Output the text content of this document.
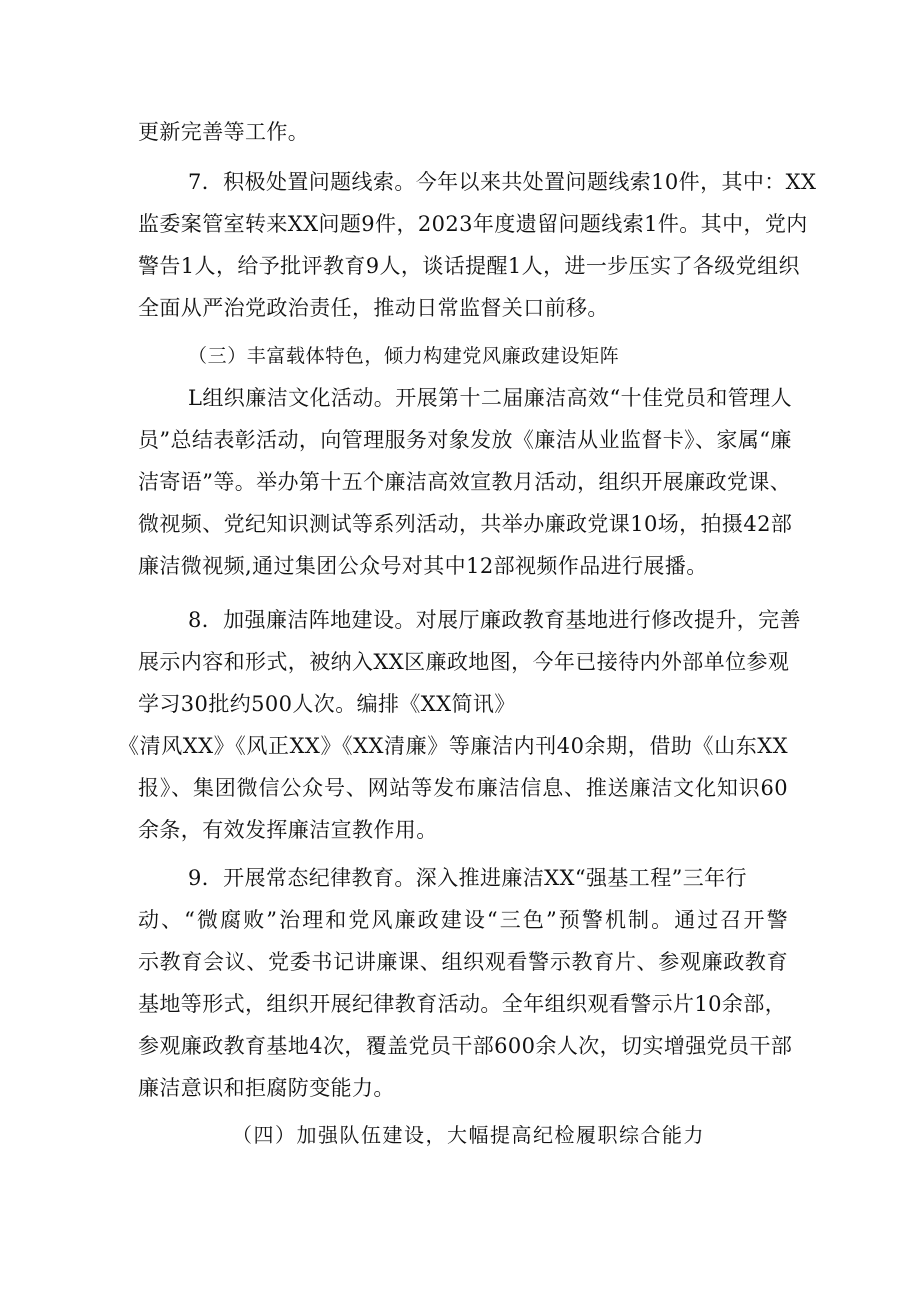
更新完善等工作。
7．积极处置问题线索。今年以来共处置问题线索10件，其中：XX
监委案管室转来XX问题9件，2023年度遗留问题线索1件。其中，党内
警告1人，给予批评教育9人，谈话提醒1人，进一步压实了各级党组织
全面从严治党政治责任，推动日常监督关口前移。
（三）丰富载体特色，倾力构建党风廉政建设矩阵
L组织廉洁文化活动。开展第十二届廉洁高效“十佳党员和管理人
员”总结表彰活动，向管理服务对象发放《廉洁从业监督卡》、家属“廉
洁寄语”等。举办第十五个廉洁高效宣教月活动，组织开展廉政党课、
微视频、党纪知识测试等系列活动，共举办廉政党课10场，拍摄42部
廉洁微视频,通过集团公众号对其中12部视频作品进行展播。
8．加强廉洁阵地建设。对展厅廉政教育基地进行修改提升，完善
展示内容和形式，被纳入XX区廉政地图，今年已接待内外部单位参观
学习30批约500人次。编排《XX简讯》
《清风XX》《风正XX》《XX清廉》等廉洁内刊40余期，借助《山东XX
报》、集团微信公众号、网站等发布廉洁信息、推送廉洁文化知识60
余条，有效发挥廉洁宣教作用。
9．开展常态纪律教育。深入推进廉洁XX“强基工程”三年行
动、“微腐败”治理和党风廉政建设“三色”预警机制。通过召开警
示教育会议、党委书记讲廉课、组织观看警示教育片、参观廉政教育
基地等形式，组织开展纪律教育活动。全年组织观看警示片10余部，
参观廉政教育基地4次，覆盖党员干部600余人次，切实增强党员干部
廉洁意识和拒腐防变能力。
（四）加强队伍建设，大幅提高纪检履职综合能力
